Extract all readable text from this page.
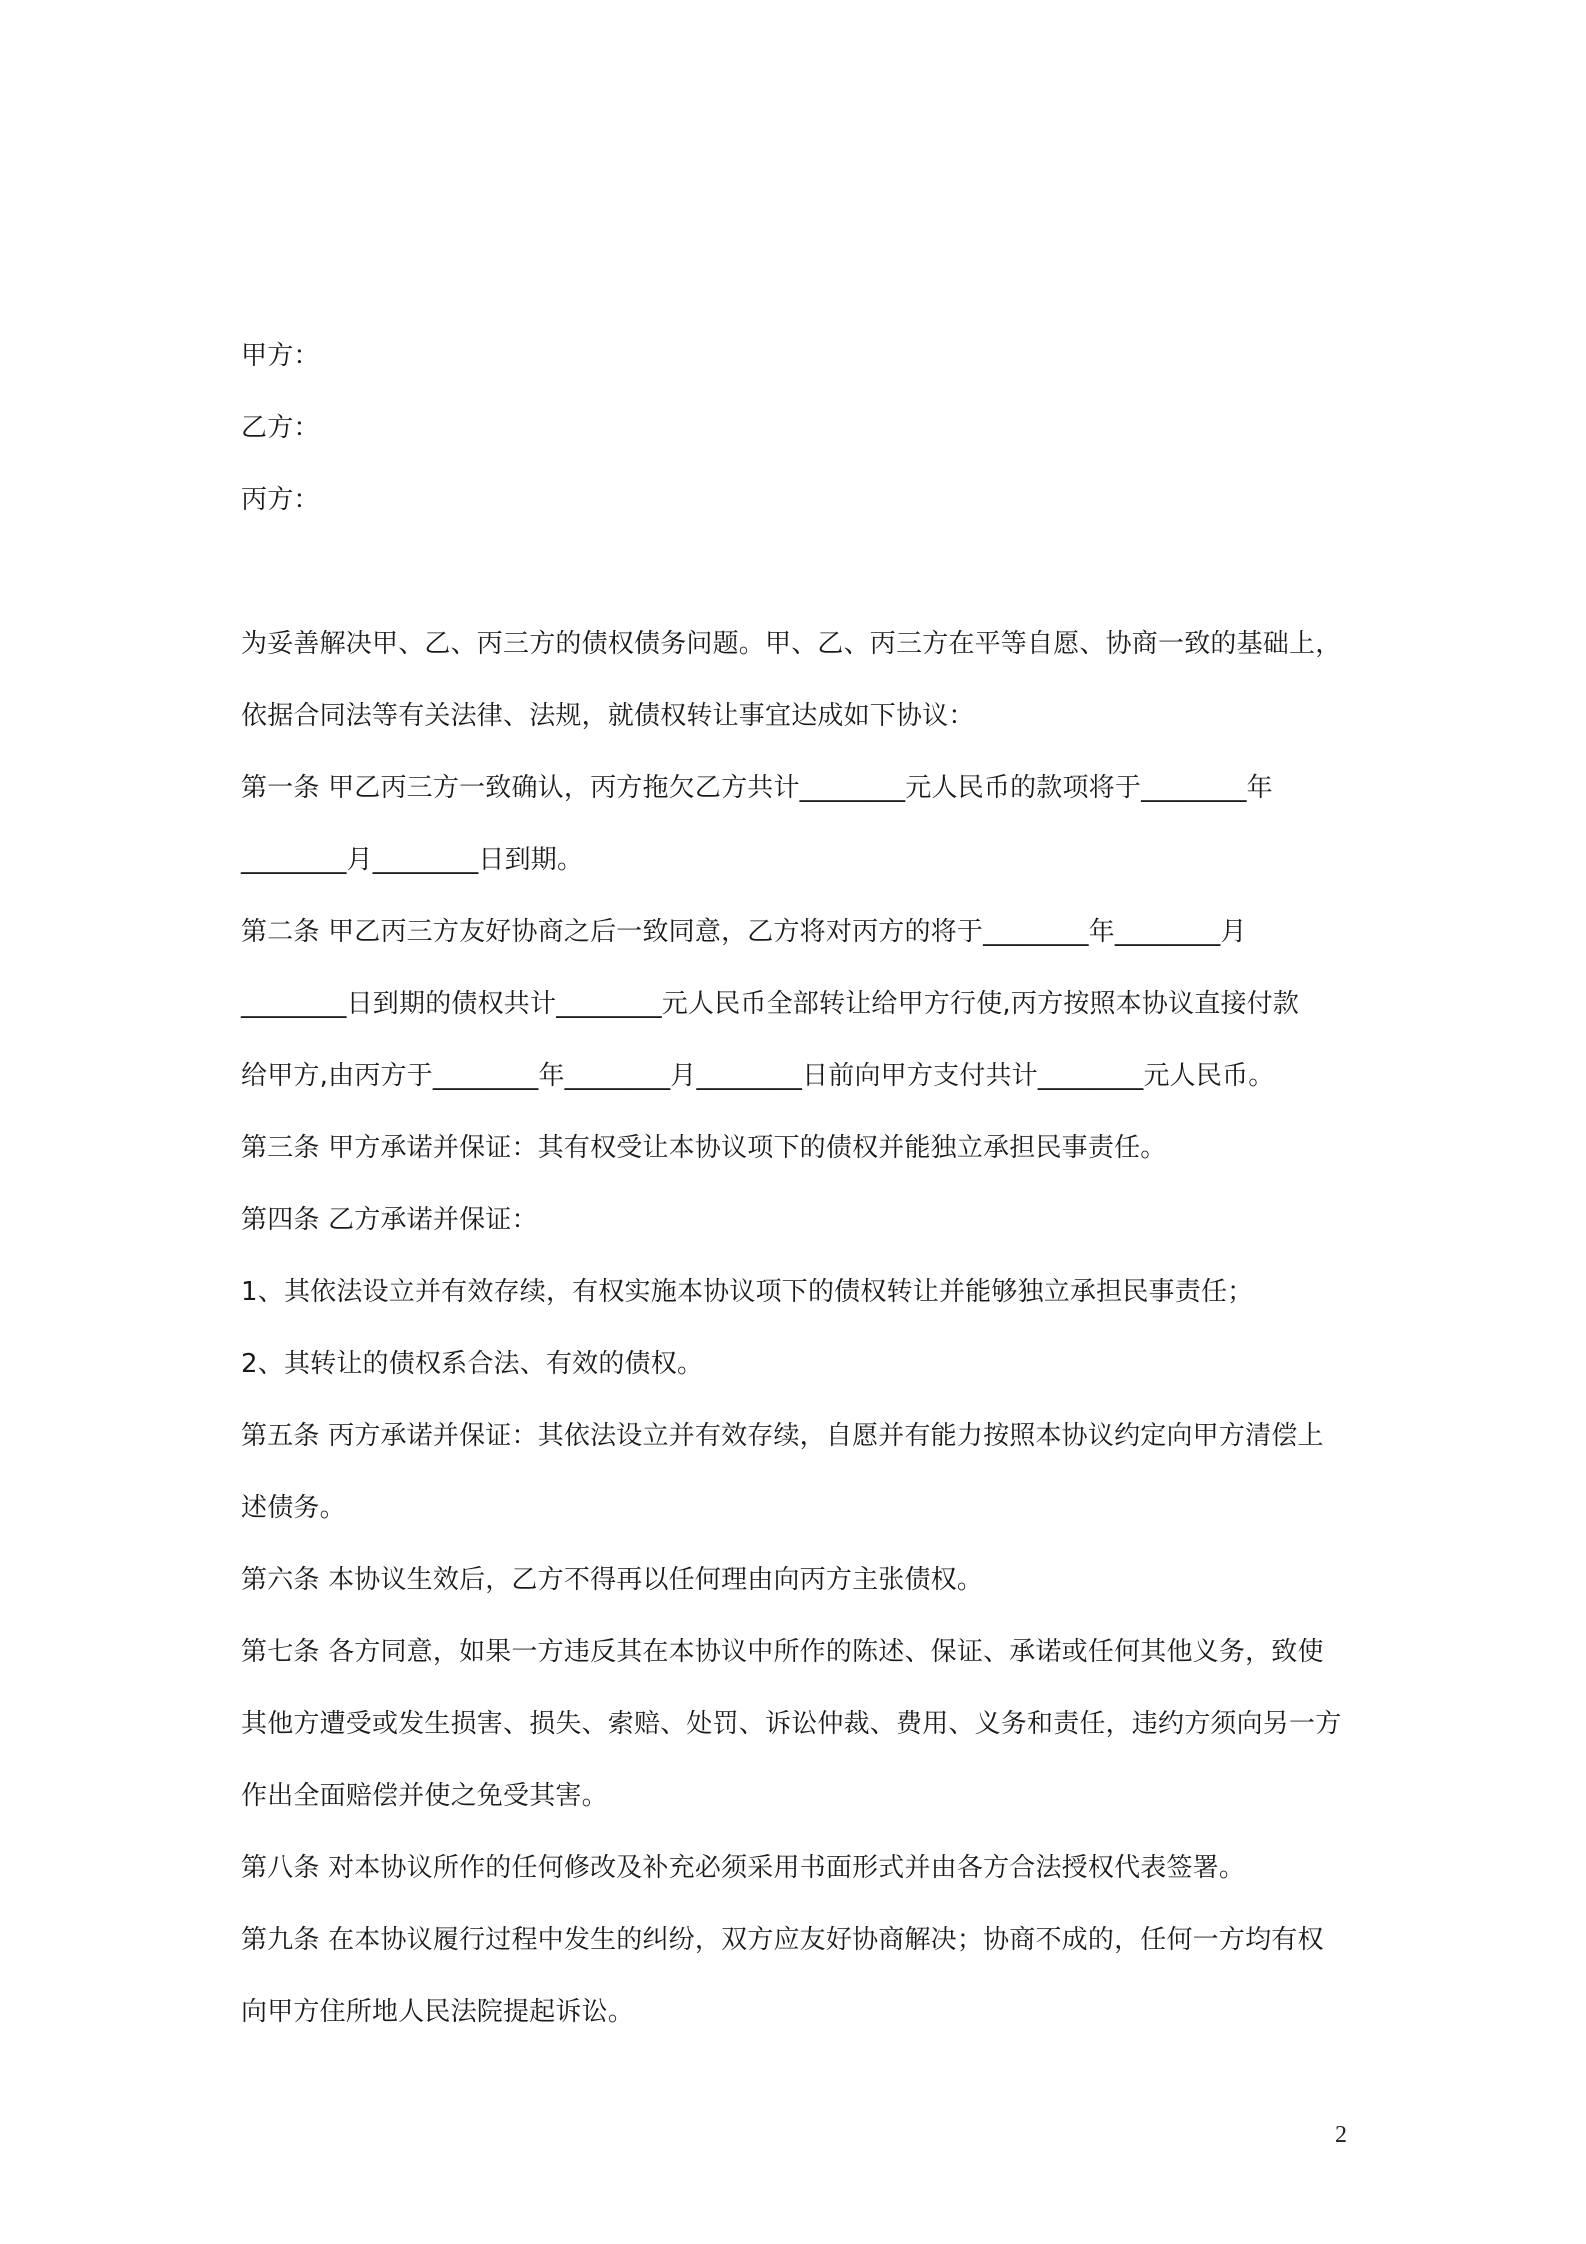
甲方：
乙方：
丙方：
为妥善解决甲、乙、丙三方的债权债务问题。甲、乙、丙三方在平等自愿、协商一致的基础上，
依据合同法等有关法律、法规，就债权转让事宜达成如下协议：
第一条 甲乙丙三方一致确认，丙方拖欠乙方共计________元人民币的款项将于________年
________月________日到期。
第二条 甲乙丙三方友好协商之后一致同意，乙方将对丙方的将于________年________月
________日到期的债权共计________元人民币全部转让给甲方行使,丙方按照本协议直接付款
给甲方,由丙方于________年________月________日前向甲方支付共计________元人民币。
第三条 甲方承诺并保证：其有权受让本协议项下的债权并能独立承担民事责任。
第四条 乙方承诺并保证：
1、其依法设立并有效存续，有权实施本协议项下的债权转让并能够独立承担民事责任；
2、其转让的债权系合法、有效的债权。
第五条 丙方承诺并保证：其依法设立并有效存续，自愿并有能力按照本协议约定向甲方清偿上
述债务。
第六条 本协议生效后，乙方不得再以任何理由向丙方主张债权。
第七条 各方同意，如果一方违反其在本协议中所作的陈述、保证、承诺或任何其他义务，致使
其他方遭受或发生损害、损失、索赔、处罚、诉讼仲裁、费用、义务和责任，违约方须向另一方
作出全面赔偿并使之免受其害。
第八条 对本协议所作的任何修改及补充必须采用书面形式并由各方合法授权代表签署。
第九条 在本协议履行过程中发生的纠纷，双方应友好协商解决；协商不成的，任何一方均有权
向甲方住所地人民法院提起诉讼。
2
